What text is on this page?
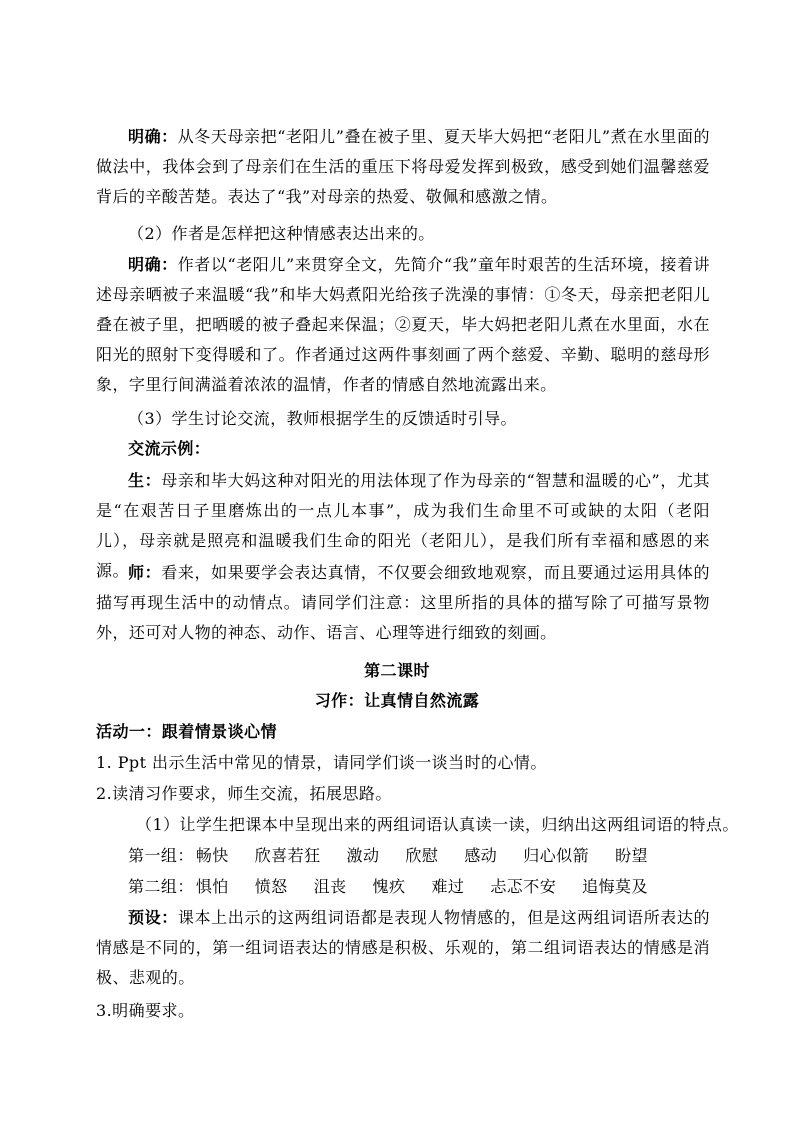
明确：从冬天母亲把“老阳儿”叠在被子里、夏天毕大妈把“老阳儿”煮在水里面的做法中，我体会到了母亲们在生活的重压下将母爱发挥到极致，感受到她们温馨慈爱背后的辛酸苦楚。表达了“我”对母亲的热爱、敬佩和感激之情。

（2）作者是怎样把这种情感表达出来的。

明确：作者以“老阳儿”来贯穿全文，先简介“我”童年时艰苦的生活环境，接着讲述母亲晒被子来温暖“我”和毕大妈煮阳光给孩子洗澡的事情：①冬天，母亲把老阳儿叠在被子里，把晒暖的被子叠起来保温；②夏天，毕大妈把老阳儿煮在水里面，水在阳光的照射下变得暖和了。作者通过这两件事刻画了两个慈爱、辛勤、聪明的慈母形象，字里行间满溢着浓浓的温情，作者的情感自然地流露出来。

（3）学生讨论交流，教师根据学生的反馈适时引导。

交流示例：

生：母亲和毕大妈这种对阳光的用法体现了作为母亲的“智慧和温暖的心”，尤其是“在艰苦日子里磨炼出的一点儿本事”，成为我们生命里不可或缺的太阳（老阳儿），母亲就是照亮和温暖我们生命的阳光（老阳儿），是我们所有幸福和感恩的来源。 师：看来，如果要学会表达真情，不仅要会细致地观察，而且要通过运用具体的描写再现生活中的动情点。请同学们注意：这里所指的具体的描写除了可描写景物外，还可对人物的神态、动作、语言、心理等进行细致的刻画。

第二课时

习作：让真情自然流露

活动一：跟着情景谈心情

1. Ppt 出示生活中常见的情景，请同学们谈一谈当时的心情。

2.读清习作要求，师生交流，拓展思路。

（1）让学生把课本中呈现出来的两组词语认真读一读，归纳出这两组词语的特点。

第一组： 畅快 欣喜若狂 激动 欣慰 感动 归心似箭 盼望

第二组： 惧怕 愤怒 沮丧 愧疚 难过 忐忑不安 追悔莫及

预设：课本上出示的这两组词语都是表现人物情感的，但是这两组词语所表达的情感是不同的，第一组词语表达的情感是积极、乐观的，第二组词语表达的情感是消极、悲观的。

3.明确要求。
